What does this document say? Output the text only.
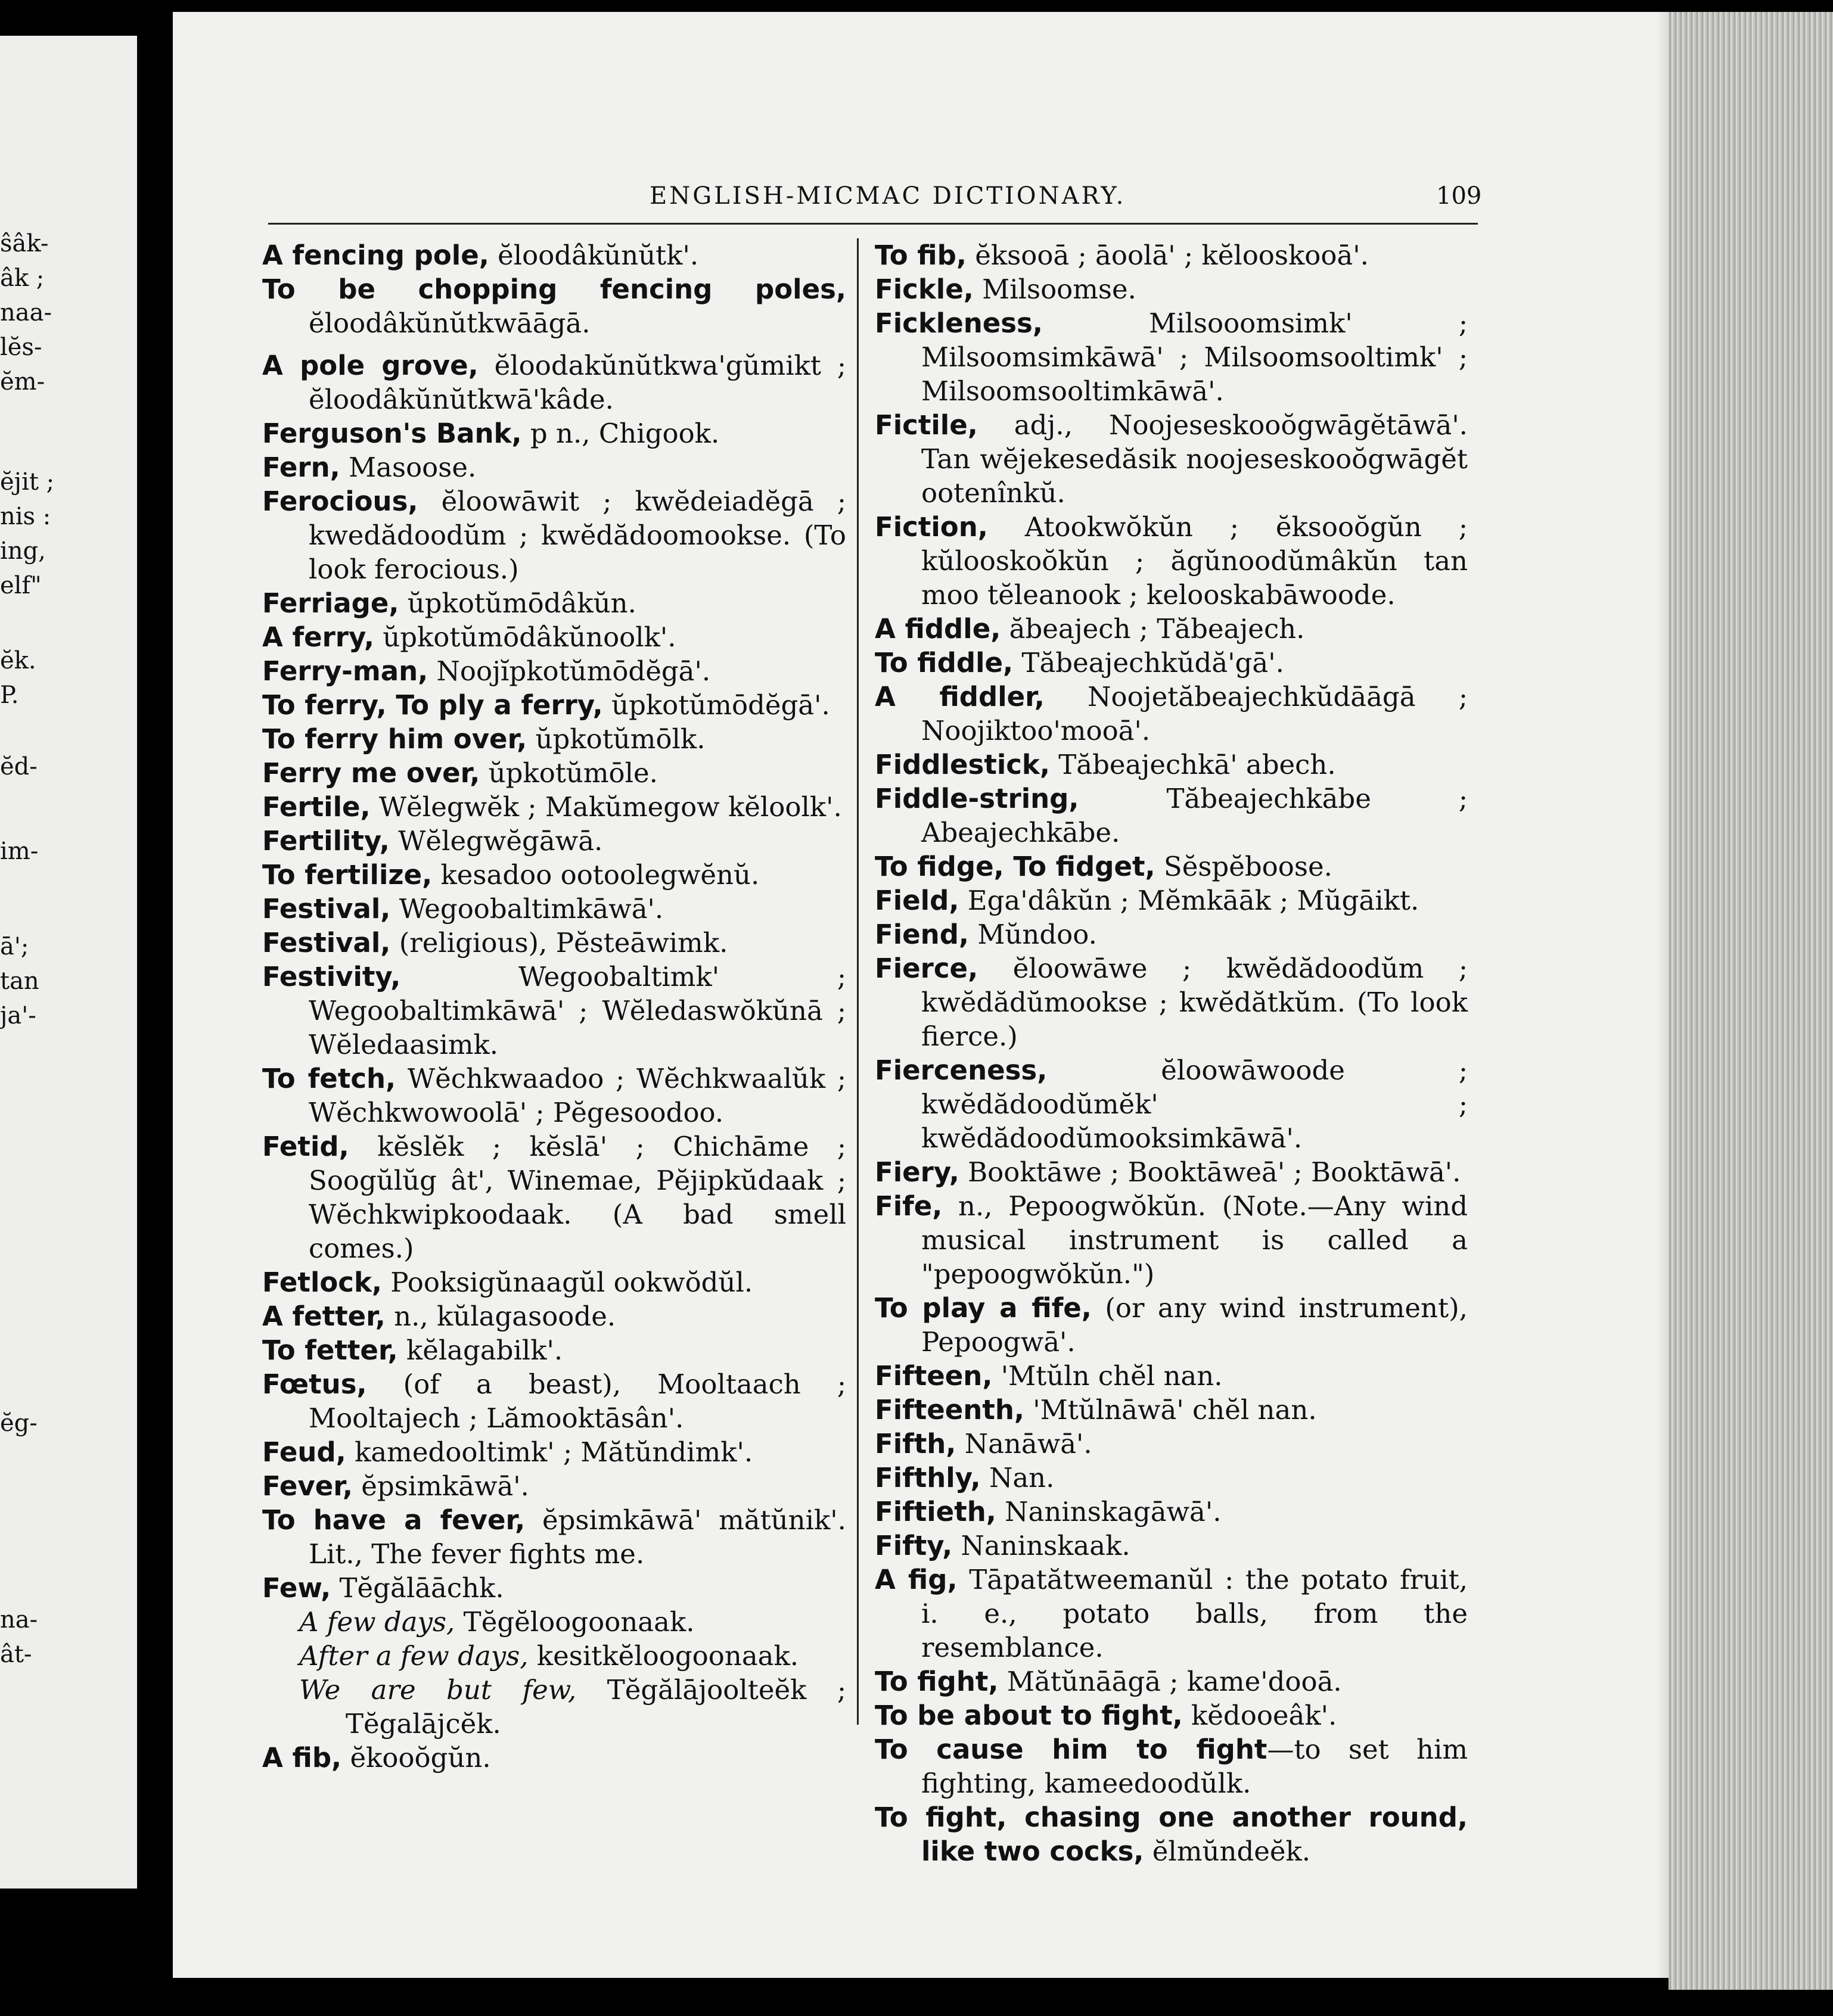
ŝâk-
âk ;
naa-
lĕs-
ĕm-
ĕjit ;
nis :
ing,
elf"
ĕk.
P.
ĕd-
im-
ā';
tan
ja'-
ĕg-
na-
ât-
ENGLISH-MICMAC DICTIONARY.	109
A fencing pole, ĕloodâkŭnŭtk'.
To be chopping fencing poles, ĕloodâkŭnŭtkwāāgā.
A pole grove, ĕloodakŭnŭtkwa'gŭmikt ; ĕloodâkŭnŭtkwā'kâde.
Ferguson's Bank, p n., Chigook.
Fern, Masoose.
Ferocious, ĕloowāwit ; kwĕdeiadĕgā ; kwedădoodŭm ; kwĕdădoomookse. (To look ferocious.)
Ferriage, ŭpkotŭmōdâkŭn.
A ferry, ŭpkotŭmōdâkŭnoolk'.
Ferry-man, Noojĭpkotŭmōdĕgā'.
To ferry, To ply a ferry, ŭpkotŭmōdĕgā'.
To ferry him over, ŭpkotŭmōlk.
Ferry me over, ŭpkotŭmōle.
Fertile, Wĕlegwĕk ; Makŭmegow kĕloolk'.
Fertility, Wĕlegwĕgāwā.
To fertilize, kesadoo ootoolegwĕnŭ.
Festival, Wegoobaltimkāwā'.
Festival, (religious), Pĕsteāwimk.
Festivity, Wegoobaltimk' ; Wegoobaltimkāwā' ; Wĕledaswŏkŭnā ; Wĕledaasimk.
To fetch, Wĕchkwaadoo ; Wĕchkwaalŭk ; Wĕchkwowoolā' ; Pĕgesoodoo.
Fetid, kĕslĕk ; kĕslā' ; Chichāme ; Soogŭlŭg ât', Winemae, Pĕjipkŭdaak ; Wĕchkwipkoodaak. (A bad smell comes.)
Fetlock, Pooksigŭnaagŭl ookwŏdŭl.
A fetter, n., kŭlagasoode.
To fetter, kĕlagabilk'.
Fœtus, (of a beast), Mooltaach ; Mooltajech ; Lămooktāsân'.
Feud, kamedooltimk' ; Mătŭndimk'.
Fever, ĕpsimkāwā'.
To have a fever, ĕpsimkāwā' mătŭnik'. Lit., The fever fights me.
Few, Tĕgălāāchk.
A few days, Tĕgĕloogoonaak.
After a few days, kesitkĕloogoonaak.
We are but few, Tĕgălājoolteĕk ; Tĕgalājcĕk.
A fib, ĕkooŏgŭn.
To fib, ĕksooā ; āoolā' ; kĕlooskooā'.
Fickle, Milsoomse.
Fickleness, Milsooomsimk' ; Milsoomsimkāwā' ; Milsoomsooltimk' ; Milsoomsooltimkāwā'.
Fictile, adj., Noojeseskooŏgwāgĕtāwā'. Tan wĕjekesedăsik noojeseskooŏgwāgĕt ootenînkŭ.
Fiction, Atookwŏkŭn ; ĕksooŏgŭn ; kŭlooskoŏkŭn ; ăgŭnoodŭmâkŭn tan moo tĕleanook ; kelooskabāwoode.
A fiddle, ăbeajech ; Tăbeajech.
To fiddle, Tăbeajechkŭdă'gā'.
A fiddler, Noojetăbeajechkŭdāāgā ; Noojiktoo'mooā'.
Fiddlestick, Tăbeajechkā' abech.
Fiddle-string, Tăbeajechkābe ; Abeajechkābe.
To fidge, To fidget, Sĕspĕboose.
Field, Ega'dâkŭn ; Mĕmkāāk ; Mŭgāikt.
Fiend, Mŭndoo.
Fierce, ĕloowāwe ; kwĕdădoodŭm ; kwĕdădŭmookse ; kwĕdătkŭm. (To look fierce.)
Fierceness, ĕloowāwoode ; kwĕdădoodŭmĕk' ; kwĕdădoodŭmooksimkāwā'.
Fiery, Booktāwe ; Booktāweā' ; Booktāwā'.
Fife, n., Pepoogwŏkŭn. (Note.—Any wind musical instrument is called a "pepoogwŏkŭn.")
To play a fife, (or any wind instrument), Pepoogwā'.
Fifteen, 'Mtŭln chĕl nan.
Fifteenth, 'Mtŭlnāwā' chĕl nan.
Fifth, Nanāwā'.
Fifthly, Nan.
Fiftieth, Naninskagāwā'.
Fifty, Naninskaak.
A fig, Tāpatătweemanŭl : the potato fruit, i. e., potato balls, from the resemblance.
To fight, Mătŭnāāgā ; kame'dooā.
To be about to fight, kĕdooeâk'.
To cause him to fight—to set him fighting, kameedoodŭlk.
To fight, chasing one another round, like two cocks, ĕlmŭndeĕk.
